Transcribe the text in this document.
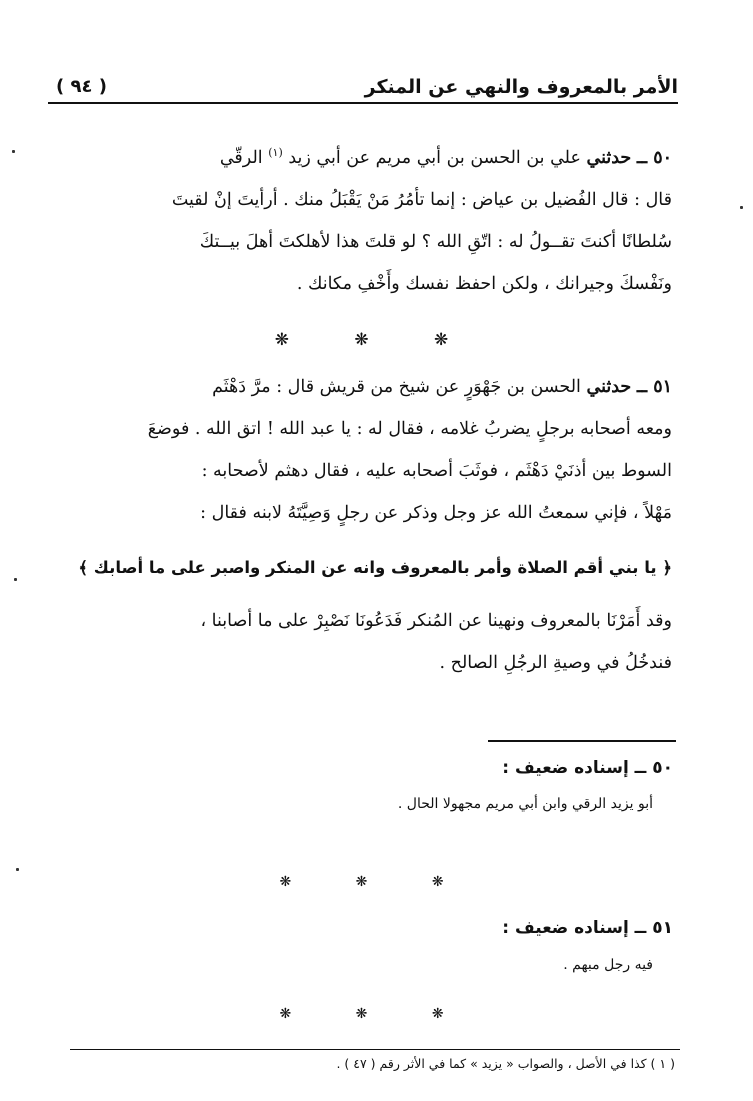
الأمر بالمعروف والنهي عن المنكر
( ٩٤ )
٥٠ ــ حدثني علي بن الحسن بن أبي مريم عن أبي زيد $^{(١)}$ الرقّي
قال : قال الفُضيل بن عياض : إنما تأمُرُ مَنْ يَقْبَلُ منك . أرأيتَ إنْ لقيتَ
سُلطانًا أكنتَ تقــولُ له : اتّقِ الله ؟ لو قلتَ هذا لأهلكتَ أهلَ بيــتكَ
ونَفْسكَ وجيرانك ، ولكن احفظ نفسك وأَخْفِ مكانك .
❋ ❋ ❋
٥١ ــ حدثني الحسن بن جَهْوَرٍ عن شيخ من قريش قال : مرَّ دَهْثَم
ومعه أصحابه برجلٍ يضربُ غلامه ، فقال له : يا عبد الله ! اتق الله . فوضعَ
السوط بين أذنَيْ دَهْثَم ، فوثَبَ أصحابه عليه ، فقال دهثم لأصحابه :
مَهْلاً ، فإني سمعتُ الله عز وجل وذكر عن رجلٍ وَصِيَّتَهُ لابنه فقال :
﴿ يا بني أقم الصلاة وأمر بالمعروف وانه عن المنكر واصبر على ما أصابك ﴾
وقد أَمَرْنَا بالمعروف ونهينا عن المُنكر فَدَعُونَا نَصْبِرْ على ما أصابنا ،
فندخُلُ في وصيةِ الرجُلِ الصالح .
٥٠ ــ إسناده ضعيف :
أبو يزيد الرقي وابن أبي مريم مجهولا الحال .
❋ ❋ ❋
٥١ ــ إسناده ضعيف :
فيه رجل مبهم .
❋ ❋ ❋
( ١ ) كذا في الأصل ، والصواب « يزيد » كما في الأثر رقم ( ٤٧ ) .
